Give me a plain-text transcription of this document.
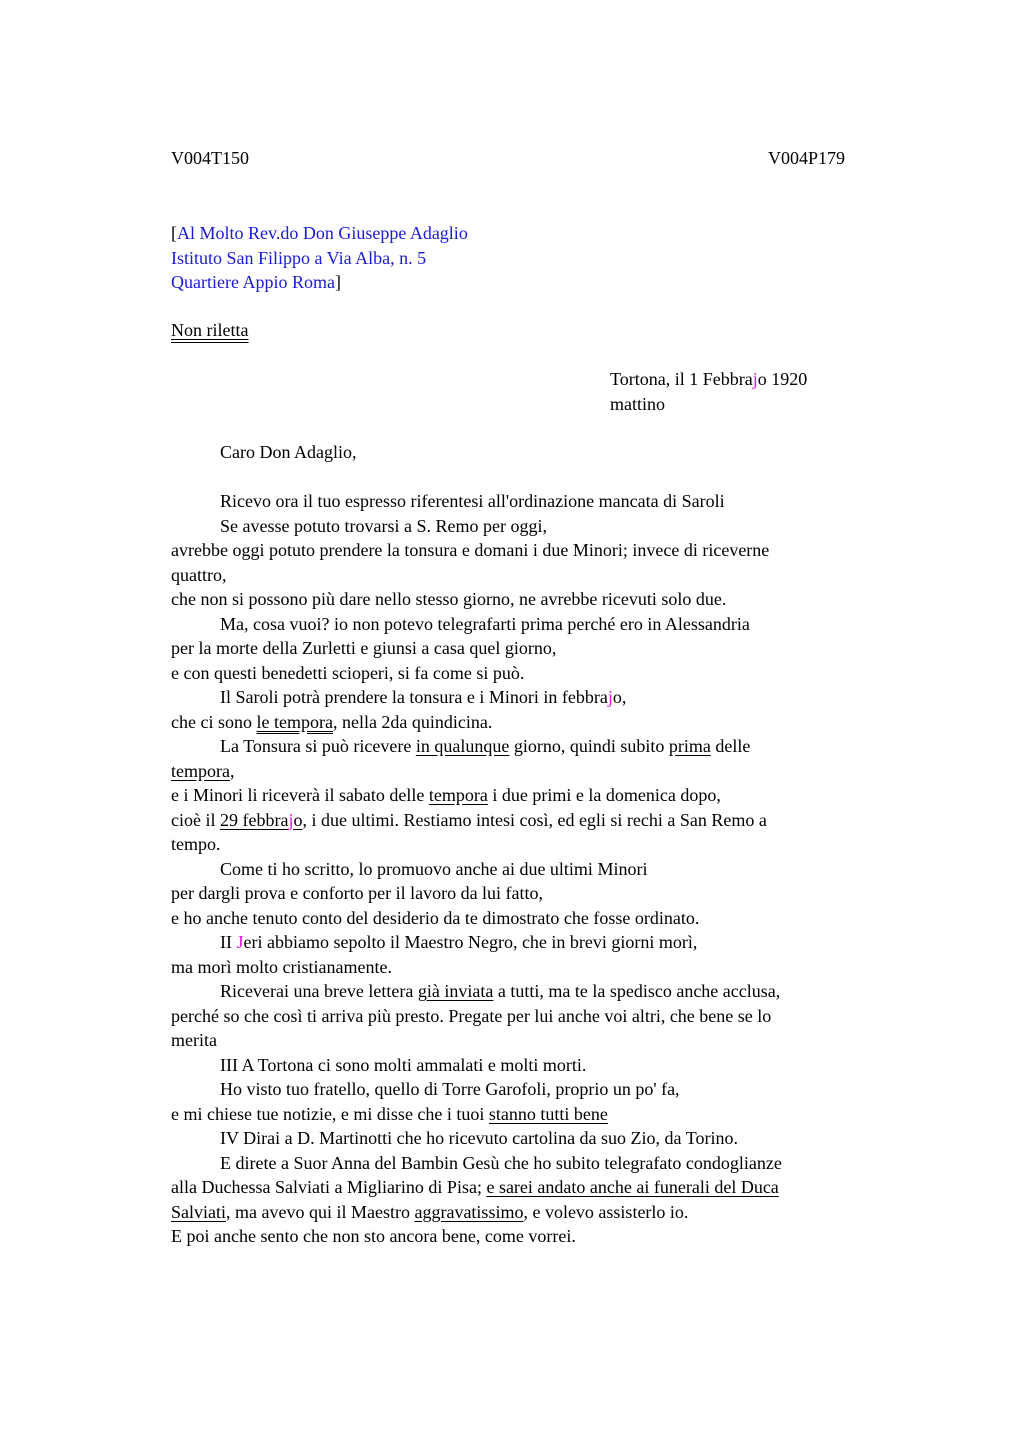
V004T150	V004P179
[Al Molto Rev.do Don Giuseppe Adaglio
Istituto San Filippo a Via Alba, n. 5
Quartiere Appio Roma]
Non riletta
Tortona, il 1 Febbrajo 1920
mattino
Caro Don Adaglio,
Ricevo ora il tuo espresso riferentesi all'ordinazione mancata di Saroli
Se avesse potuto trovarsi a S. Remo per oggi,
avrebbe oggi potuto prendere la tonsura e domani i due Minori; invece di riceverne
quattro,
che non si possono più dare nello stesso giorno, ne avrebbe ricevuti solo due.
Ma, cosa vuoi? io non potevo telegrafarti prima perché ero in Alessandria
per la morte della Zurletti e giunsi a casa quel giorno,
e con questi benedetti scioperi, si fa come si può.
Il Saroli potrà prendere la tonsura e i Minori in febbrajo,
che ci sono le tempora, nella 2da quindicina.
La Tonsura si può ricevere in qualunque giorno, quindi subito prima delle
tempora,
e i Minori li riceverà il sabato delle tempora i due primi e la domenica dopo,
cioè il 29 febbrajo, i due ultimi. Restiamo intesi così, ed egli si rechi a San Remo a
tempo.
Come ti ho scritto, lo promuovo anche ai due ultimi Minori
per dargli prova e conforto per il lavoro da lui fatto,
e ho anche tenuto conto del desiderio da te dimostrato che fosse ordinato.
II Jeri abbiamo sepolto il Maestro Negro, che in brevi giorni morì,
ma morì molto cristianamente.
Riceverai una breve lettera già inviata a tutti, ma te la spedisco anche acclusa,
perché so che così ti arriva più presto. Pregate per lui anche voi altri, che bene se lo
merita
III A Tortona ci sono molti ammalati e molti morti.
Ho visto tuo fratello, quello di Torre Garofoli, proprio un po' fa,
e mi chiese tue notizie, e mi disse che i tuoi stanno tutti bene
IV Dirai a D. Martinotti che ho ricevuto cartolina da suo Zio, da Torino.
E direte a Suor Anna del Bambin Gesù che ho subito telegrafato condoglianze
alla Duchessa Salviati a Migliarino di Pisa; e sarei andato anche ai funerali del Duca
Salviati, ma avevo qui il Maestro aggravatissimo, e volevo assisterlo io.
E poi anche sento che non sto ancora bene, come vorrei.
